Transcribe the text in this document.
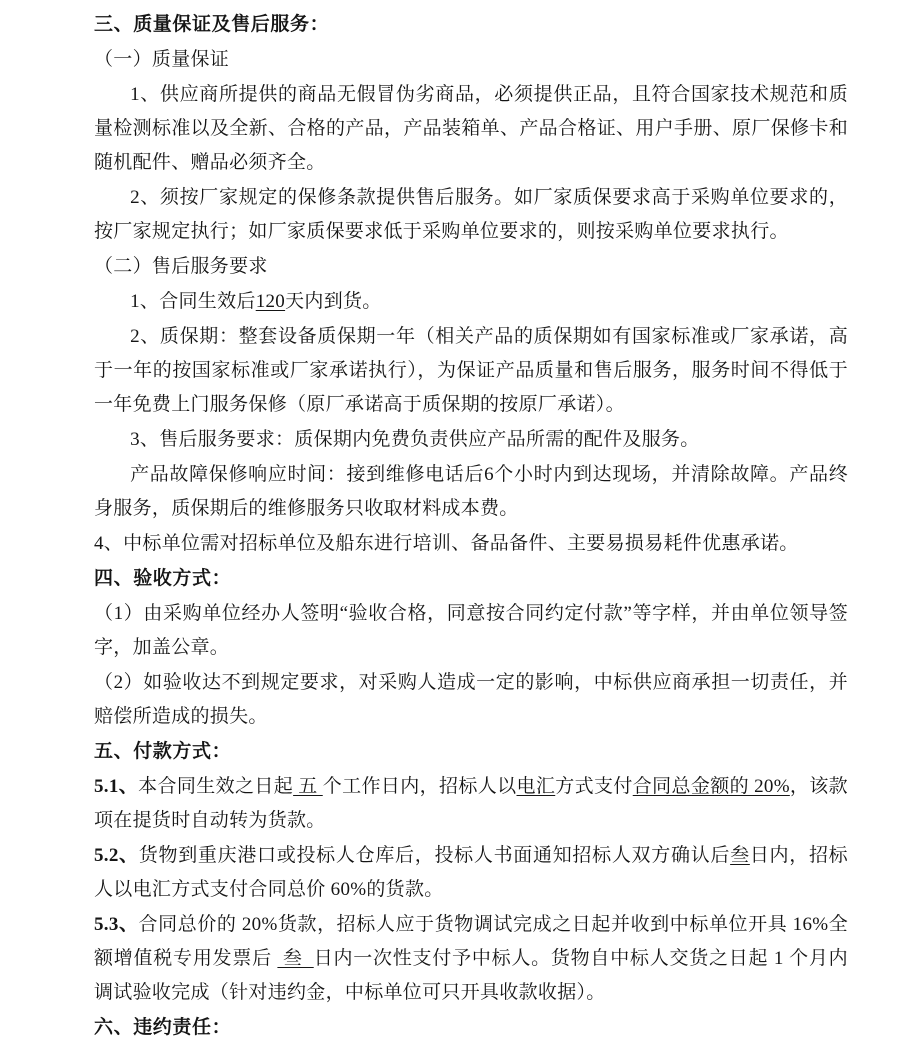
三、质量保证及售后服务：

（一）质量保证

1、供应商所提供的商品无假冒伪劣商品，必须提供正品，且符合国家技术规范和质量检测标准以及全新、合格的产品，产品装箱单、产品合格证、用户手册、原厂保修卡和随机配件、赠品必须齐全。

2、须按厂家规定的保修条款提供售后服务。如厂家质保要求高于采购单位要求的，按厂家规定执行；如厂家质保要求低于采购单位要求的，则按采购单位要求执行。

（二）售后服务要求

1、合同生效后120天内到货。

2、质保期：整套设备质保期一年（相关产品的质保期如有国家标准或厂家承诺，高于一年的按国家标准或厂家承诺执行），为保证产品质量和售后服务，服务时间不得低于一年免费上门服务保修（原厂承诺高于质保期的按原厂承诺）。

3、售后服务要求：质保期内免费负责供应产品所需的配件及服务。

产品故障保修响应时间：接到维修电话后6个小时内到达现场，并清除故障。产品终身服务，质保期后的维修服务只收取材料成本费。

4、中标单位需对招标单位及船东进行培训、备品备件、主要易损易耗件优惠承诺。

四、验收方式：

（1）由采购单位经办人签明“验收合格，同意按合同约定付款”等字样，并由单位领导签字，加盖公章。

（2）如验收达不到规定要求，对采购人造成一定的影响，中标供应商承担一切责任，并赔偿所造成的损失。

五、付款方式：

5.1、本合同生效之日起 五 个工作日内，招标人以电汇方式支付合同总金额的 20%，该款项在提货时自动转为货款。

5.2、货物到重庆港口或投标人仓库后，投标人书面通知招标人双方确认后叁日内，招标人以电汇方式支付合同总价 60%的货款。

5.3、合同总价的 20%货款，招标人应于货物调试完成之日起并收到中标单位开具 16%全额增值税专用发票后  叁  日内一次性支付予中标人。货物自中标人交货之日起 1 个月内调试验收完成（针对违约金，中标单位可只开具收款收据）。

六、违约责任：
